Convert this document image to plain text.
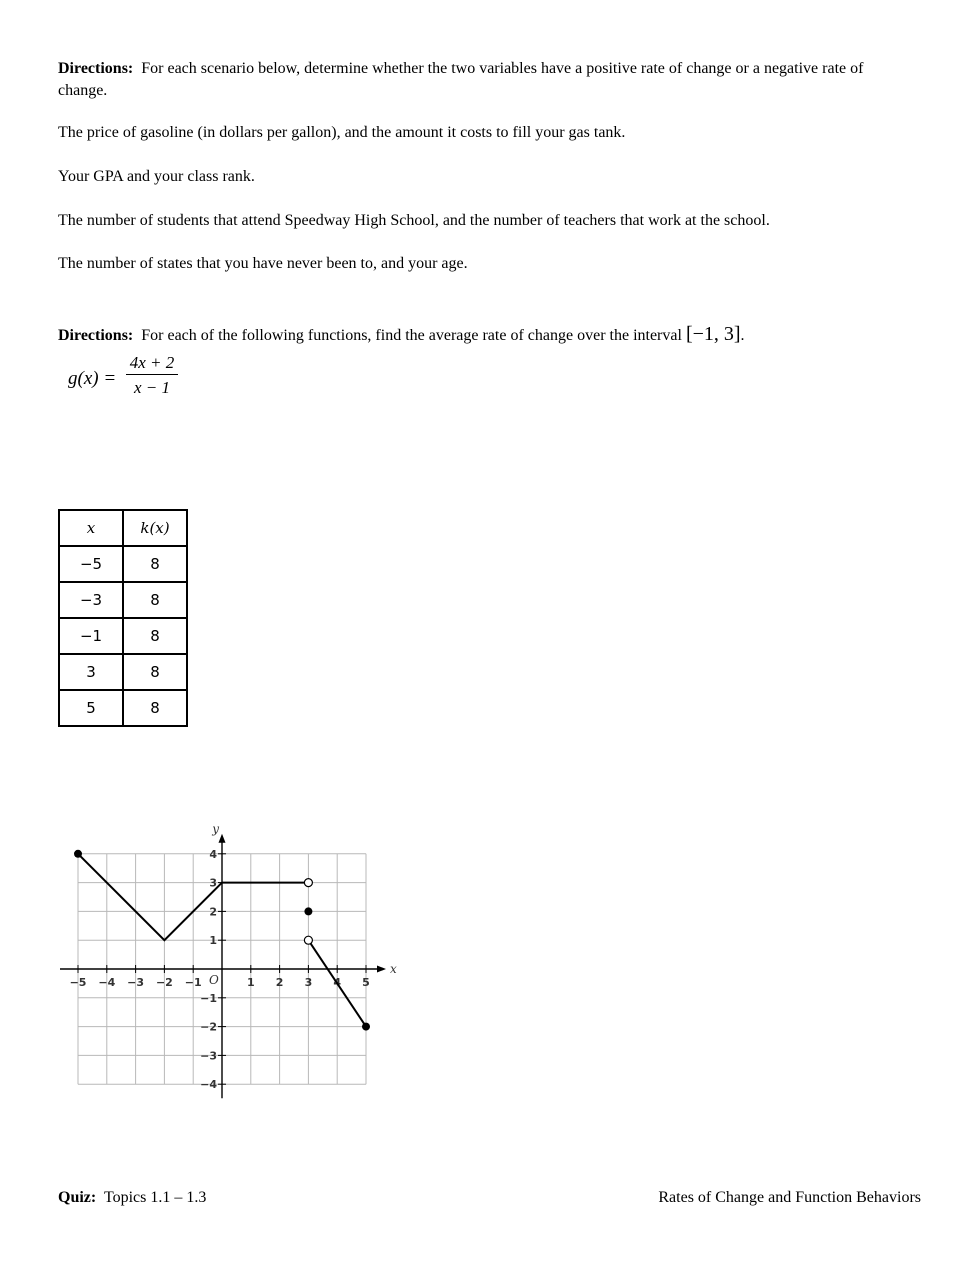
Directions: For each scenario below, determine whether the two variables have a positive rate of change or a negative rate of change.
The price of gasoline (in dollars per gallon), and the amount it costs to fill your gas tank.
Your GPA and your class rank.
The number of students that attend Speedway High School, and the number of teachers that work at the school.
The number of states that you have never been to, and your age.
Directions: For each of the following functions, find the average rate of change over the interval [−1, 3].
g(x) =
4x + 2
x − 1
x	k(x)
−5	8
−3	8
−1	8
3	8
5	8
−5 −4 −3 −2 −1	1 2 3 4 5
4
3
2
1
−1
−2
−3
−4
x
y
O
Quiz: Topics 1.1 – 1.3	Rates of Change and Function Behaviors
